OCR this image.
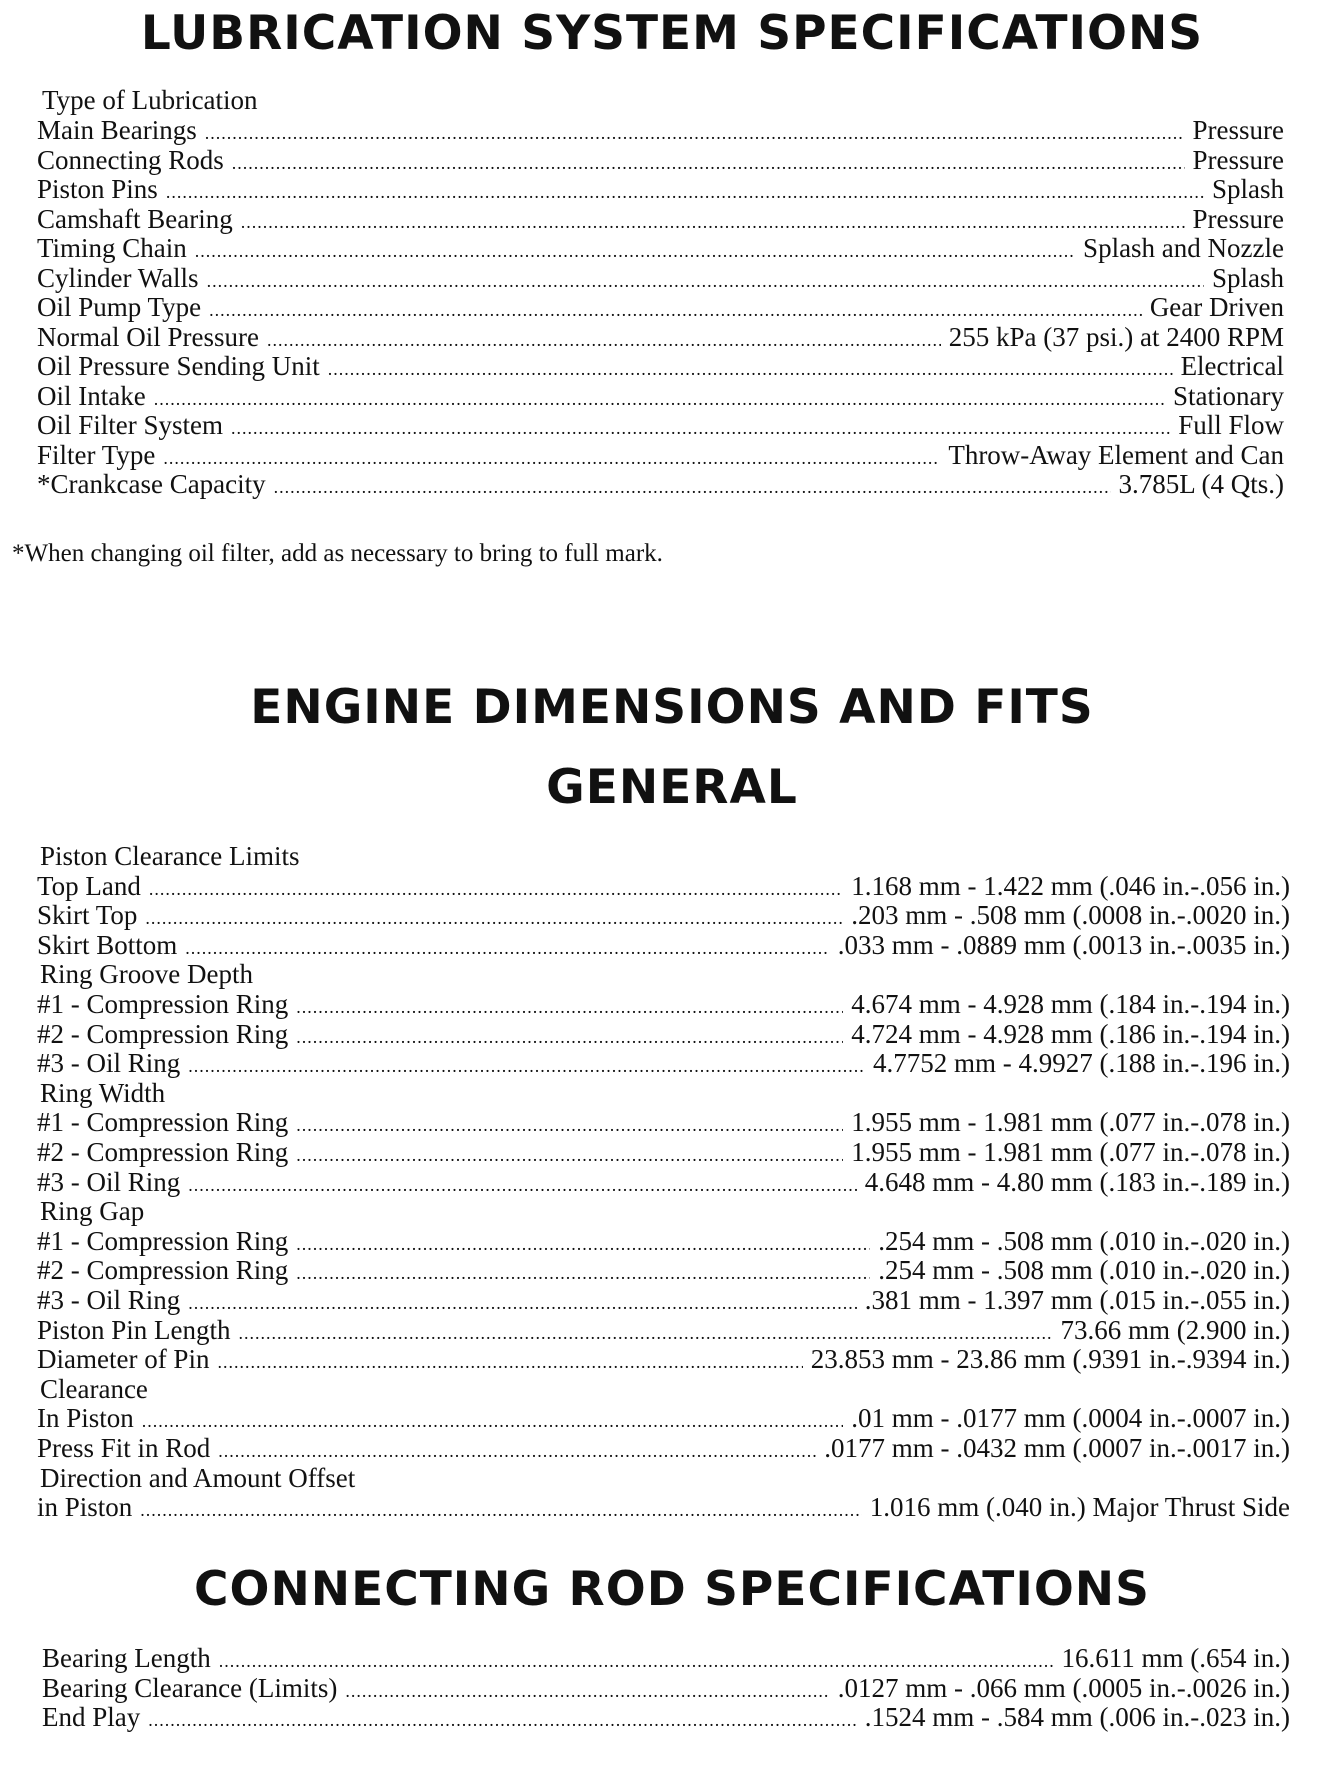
LUBRICATION SYSTEM SPECIFICATIONS
Type of Lubrication
Main Bearings .....	Pressure
Connecting Rods .....	Pressure
Piston Pins .....	Splash
Camshaft Bearing .....	Pressure
Timing Chain .....	Splash and Nozzle
Cylinder Walls .....	Splash
Oil Pump Type .....	Gear Driven
Normal Oil Pressure .....	255 kPa (37 psi.) at 2400 RPM
Oil Pressure Sending Unit .....	Electrical
Oil Intake .....	Stationary
Oil Filter System .....	Full Flow
Filter Type .....	Throw-Away Element and Can
*Crankcase Capacity .....	3.785L (4 Qts.)
*When changing oil filter, add as necessary to bring to full mark.
ENGINE DIMENSIONS AND FITS
GENERAL
Piston Clearance Limits
Top Land .....	1.168 mm - 1.422 mm (.046 in.-.056 in.)
Skirt Top .....	.203 mm - .508 mm (.0008 in.-.0020 in.)
Skirt Bottom .....	.033 mm - .0889 mm (.0013 in.-.0035 in.)
Ring Groove Depth
#1 - Compression Ring .....	4.674 mm - 4.928 mm (.184 in.-.194 in.)
#2 - Compression Ring .....	4.724 mm - 4.928 mm (.186 in.-.194 in.)
#3 - Oil Ring .....	4.7752 mm - 4.9927 (.188 in.-.196 in.)
Ring Width
#1 - Compression Ring .....	1.955 mm - 1.981 mm (.077 in.-.078 in.)
#2 - Compression Ring .....	1.955 mm - 1.981 mm (.077 in.-.078 in.)
#3 - Oil Ring .....	4.648 mm - 4.80 mm (.183 in.-.189 in.)
Ring Gap
#1 - Compression Ring .....	.254 mm - .508 mm (.010 in.-.020 in.)
#2 - Compression Ring .....	.254 mm - .508 mm (.010 in.-.020 in.)
#3 - Oil Ring .....	.381 mm - 1.397 mm (.015 in.-.055 in.)
Piston Pin Length .....	73.66 mm (2.900 in.)
Diameter of Pin .....	23.853 mm - 23.86 mm (.9391 in.-.9394 in.)
Clearance
In Piston .....	.01 mm - .0177 mm (.0004 in.-.0007 in.)
Press Fit in Rod .....	.0177 mm - .0432 mm (.0007 in.-.0017 in.)
Direction and Amount Offset
in Piston .....	1.016 mm (.040 in.) Major Thrust Side
CONNECTING ROD SPECIFICATIONS
Bearing Length .....	16.611 mm (.654 in.)
Bearing Clearance (Limits) .....	.0127 mm - .066 mm (.0005 in.-.0026 in.)
End Play .....	.1524 mm - .584 mm (.006 in.-.023 in.)
